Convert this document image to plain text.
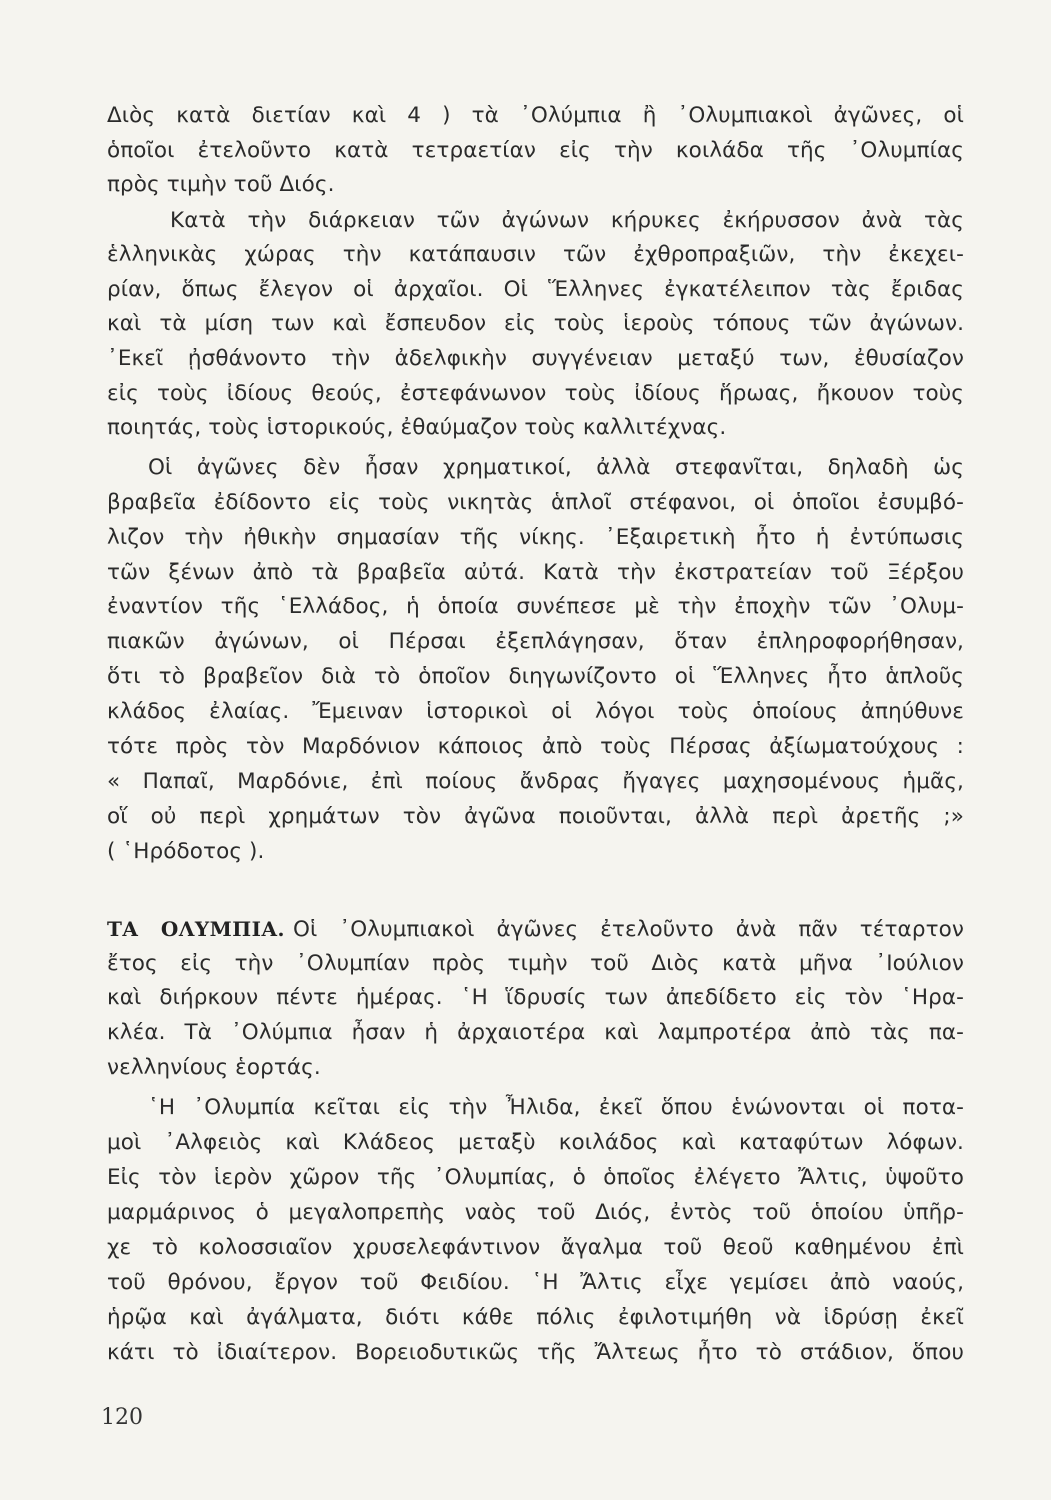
Διὸς κατὰ διετίαν καὶ 4 ) τὰ ᾿Ολύμπια ἢ ᾿Ολυμπιακοὶ ἀγῶνες, οἱ
ὁποῖοι ἐτελοῦντο κατὰ τετραετίαν εἰς τὴν κοιλάδα τῆς ᾿Ολυμπίας
πρὸς τιμὴν τοῦ Διός.
Κατὰ τὴν διάρκειαν τῶν ἀγώνων κήρυκες ἐκήρυσσον ἀνὰ τὰς
ἑλληνικὰς χώρας τὴν κατάπαυσιν τῶν ἐχθροπραξιῶν, τὴν ἐκεχει-
ρίαν, ὅπως ἔλεγον οἱ ἀρχαῖοι. Οἱ Ἕλληνες ἐγκατέλειπον τὰς ἔριδας
καὶ τὰ μίση των καὶ ἔσπευδον εἰς τοὺς ἱεροὺς τόπους τῶν ἀγώνων.
᾿Εκεῖ ᾐσθάνοντο τὴν ἀδελφικὴν συγγένειαν μεταξύ των, ἐθυσίαζον
εἰς τοὺς ἰδίους θεούς, ἐστεφάνωνον τοὺς ἰδίους ἥρωας, ἤκουον τοὺς
ποιητάς, τοὺς ἱστορικούς, ἐθαύμαζον τοὺς καλλιτέχνας.
Οἱ ἀγῶνες δὲν ἦσαν χρηματικοί, ἀλλὰ στεφανῖται, δηλαδὴ ὡς
βραβεῖα ἐδίδοντο εἰς τοὺς νικητὰς ἁπλοῖ στέφανοι, οἱ ὁποῖοι ἐσυμβό-
λιζον τὴν ἠθικὴν σημασίαν τῆς νίκης. ᾿Εξαιρετικὴ ἦτο ἡ ἐντύπωσις
τῶν ξένων ἀπὸ τὰ βραβεῖα αὐτά. Κατὰ τὴν ἐκστρατείαν τοῦ Ξέρξου
ἐναντίον τῆς ῾Ελλάδος, ἡ ὁποία συνέπεσε μὲ τὴν ἐποχὴν τῶν ᾿Ολυμ-
πιακῶν ἀγώνων, οἱ Πέρσαι ἐξεπλάγησαν, ὅταν ἐπληροφορήθησαν,
ὅτι τὸ βραβεῖον διὰ τὸ ὁποῖον διηγωνίζοντο οἱ Ἕλληνες ἦτο ἁπλοῦς
κλάδος ἐλαίας. Ἔμειναν ἱστορικοὶ οἱ λόγοι τοὺς ὁποίους ἀπηύθυνε
τότε πρὸς τὸν Μαρδόνιον κάποιος ἀπὸ τοὺς Πέρσας ἀξίωματούχους :
« Παπαῖ, Μαρδόνιε, ἐπὶ ποίους ἄνδρας ἤγαγες μαχησομένους ἡμᾶς,
οἵ οὐ περὶ χρημάτων τὸν ἀγῶνα ποιοῦνται, ἀλλὰ περὶ ἀρετῆς ;»
( ῾Ηρόδοτος ).
ΤΑ ΟΛΥΜΠΙΑ. Οἱ ᾿Ολυμπιακοὶ ἀγῶνες ἐτελοῦντο ἀνὰ πᾶν τέταρτον
ἔτος εἰς τὴν ᾿Ολυμπίαν πρὸς τιμὴν τοῦ Διὸς κατὰ μῆνα ᾿Ιούλιον
καὶ διήρκουν πέντε ἡμέρας. ῾Η ἵδρυσίς των ἀπεδίδετο εἰς τὸν ῾Ηρα-
κλέα. Τὰ ᾿Ολύμπια ἦσαν ἡ ἀρχαιοτέρα καὶ λαμπροτέρα ἀπὸ τὰς πα-
νελληνίους ἑορτάς.
῾Η ᾿Ολυμπία κεῖται εἰς τὴν Ἦλιδα, ἐκεῖ ὅπου ἑνώνονται οἱ ποτα-
μοὶ ᾿Αλφειὸς καὶ Κλάδεος μεταξὺ κοιλάδος καὶ καταφύτων λόφων.
Εἰς τὸν ἱερὸν χῶρον τῆς ᾿Ολυμπίας, ὁ ὁποῖος ἐλέγετο Ἄλτις, ὑψοῦτο
μαρμάρινος ὁ μεγαλοπρεπὴς ναὸς τοῦ Διός, ἐντὸς τοῦ ὁποίου ὑπῆρ-
χε τὸ κολοσσιαῖον χρυσελεφάντινον ἄγαλμα τοῦ θεοῦ καθημένου ἐπὶ
τοῦ θρόνου, ἔργον τοῦ Φειδίου. ῾Η Ἄλτις εἶχε γεμίσει ἀπὸ ναούς,
ἡρῷα καὶ ἀγάλματα, διότι κάθε πόλις ἐφιλοτιμήθη νὰ ἱδρύσῃ ἐκεῖ
κάτι τὸ ἰδιαίτερον. Βορειοδυτικῶς τῆς Ἄλτεως ἦτο τὸ στάδιον, ὅπου
120
